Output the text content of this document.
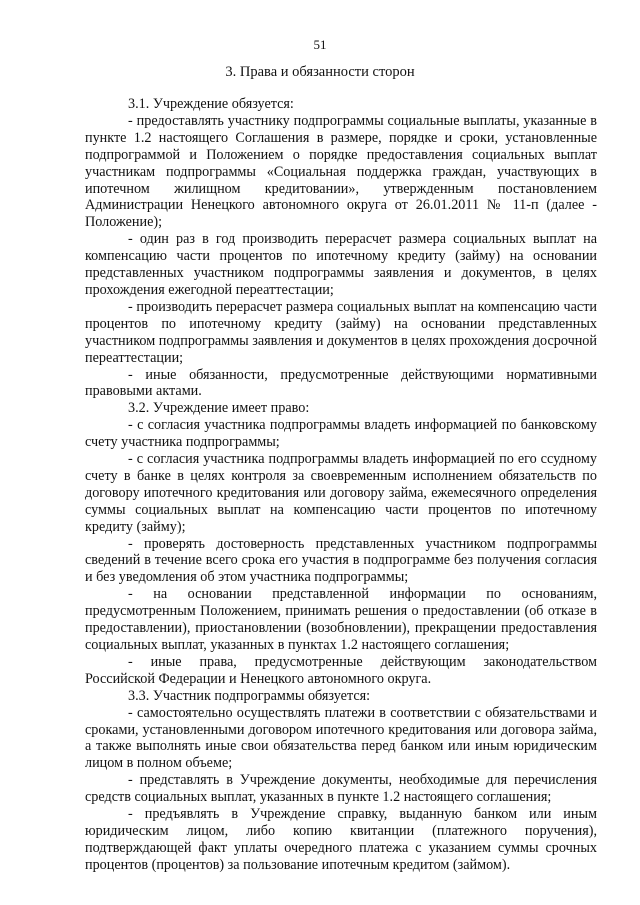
51
3. Права и обязанности сторон

3.1. Учреждение обязуется:

- предоставлять участнику подпрограммы социальные выплаты, указанные в пункте 1.2 настоящего Соглашения в размере, порядке и сроки, установленные подпрограммой и Положением о порядке предоставления социальных выплат участникам подпрограммы «Социальная поддержка граждан, участвующих в ипотечном жилищном кредитовании», утвержденным постановлением Администрации Ненецкого автономного округа от 26.01.2011 № 11-п (далее - Положение);

- один раз в год производить перерасчет размера социальных выплат на компенсацию части процентов по ипотечному кредиту (займу) на основании представленных участником подпрограммы заявления и документов, в целях прохождения ежегодной переаттестации;

- производить перерасчет размера социальных выплат на компенсацию части процентов по ипотечному кредиту (займу) на основании представленных участником подпрограммы заявления и документов в целях прохождения досрочной переаттестации;

- иные обязанности, предусмотренные действующими нормативными правовыми актами.

3.2. Учреждение имеет право:

- с согласия участника подпрограммы владеть информацией по банковскому счету участника подпрограммы;

- с согласия участника подпрограммы владеть информацией по его ссудному счету в банке в целях контроля за своевременным исполнением обязательств по договору ипотечного кредитования или договору займа, ежемесячного определения суммы социальных выплат на компенсацию части процентов по ипотечному кредиту (займу);

- проверять достоверность представленных участником подпрограммы сведений в течение всего срока его участия в подпрограмме без получения согласия и без уведомления об этом участника подпрограммы;

- на основании представленной информации по основаниям, предусмотренным Положением, принимать решения о предоставлении (об отказе в предоставлении), приостановлении (возобновлении), прекращении предоставления социальных выплат, указанных в пунктах 1.2 настоящего соглашения;

- иные права, предусмотренные действующим законодательством Российской Федерации и Ненецкого автономного округа.

3.3. Участник подпрограммы обязуется:

- самостоятельно осуществлять платежи в соответствии с обязательствами и сроками, установленными договором ипотечного кредитования или договора займа, а также выполнять иные свои обязательства перед банком или иным юридическим лицом в полном объеме;

- представлять в Учреждение документы, необходимые для перечисления средств социальных выплат, указанных в пункте 1.2 настоящего соглашения;

- предъявлять в Учреждение справку, выданную банком или иным юридическим лицом, либо копию квитанции (платежного поручения), подтверждающей факт уплаты очередного платежа с указанием суммы срочных процентов (процентов) за пользование ипотечным кредитом (займом).
